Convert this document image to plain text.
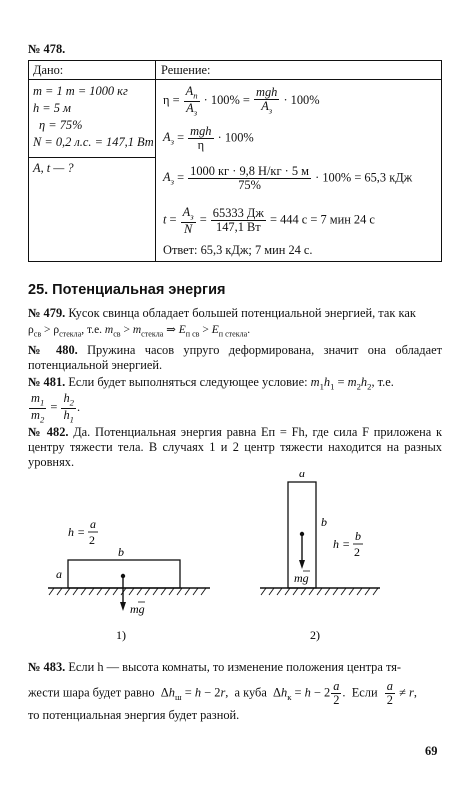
№ 478.
Дано:	Решение:
m = 1 т = 1000 кг
h = 5 м
η = 75%
N = 0,2 л.с. = 147,1 Вт
A, t — ?
$\eta = \frac{A_п}{A_з} \cdot 100\% = \frac{\text{mgh}}{A_з} \cdot 100\%$
$A_з = \frac{\text{mgh}}{\eta} \cdot 100\%$
$A_з = \frac{1000 кг \cdot 9,8 Н/кг \cdot 5 м}{75\%} \cdot 100\% = 65,3$ кДж
$t = \frac{A_з}{N} = \frac{65333 Дж}{147,1 Вт} = 444$ с = 7 мин 24 с
Ответ: 65,3 кДж; 7 мин 24 с.
25. Потенциальная энергия
№ 479. Кусок свинца обладает большей потенциальной энергией, так как
$\rho_{св} > \rho_{стекла}$, т.е. $m_{св} > m_{стекла}$ ⇒ $E_{п св} > E_{п стекла}$.
№ 480. Пружина часов упруго деформирована, значит она обладает потенциальной энергией.
№ 481. Если будет выполняться следующее условие: $m_1h_1 = m_2h_2$, т.е.
$\frac{m_1}{m_2} = \frac{h_2}{h_1}$ .
№ 482. Да. Потенциальная энергия равна Eп = Fh, где сила F приложена к центру тяжести тела. В случаях 1 и 2 центр тяжести находится на разных уровнях.
mg
b
a
h =
a
2
1)
mg
a
b
h =
b
2
2)
№ 483. Если h — высота комнаты, то изменение положения центра тя-
жести шара будет равно  $\Delta h_ш = h - 2r$,  а куба  $\Delta h_к = h - 2 \frac{a}{2}$ .  Если $\frac{a}{2} \ne r$,
то потенциальная энергия будет разной.
69
